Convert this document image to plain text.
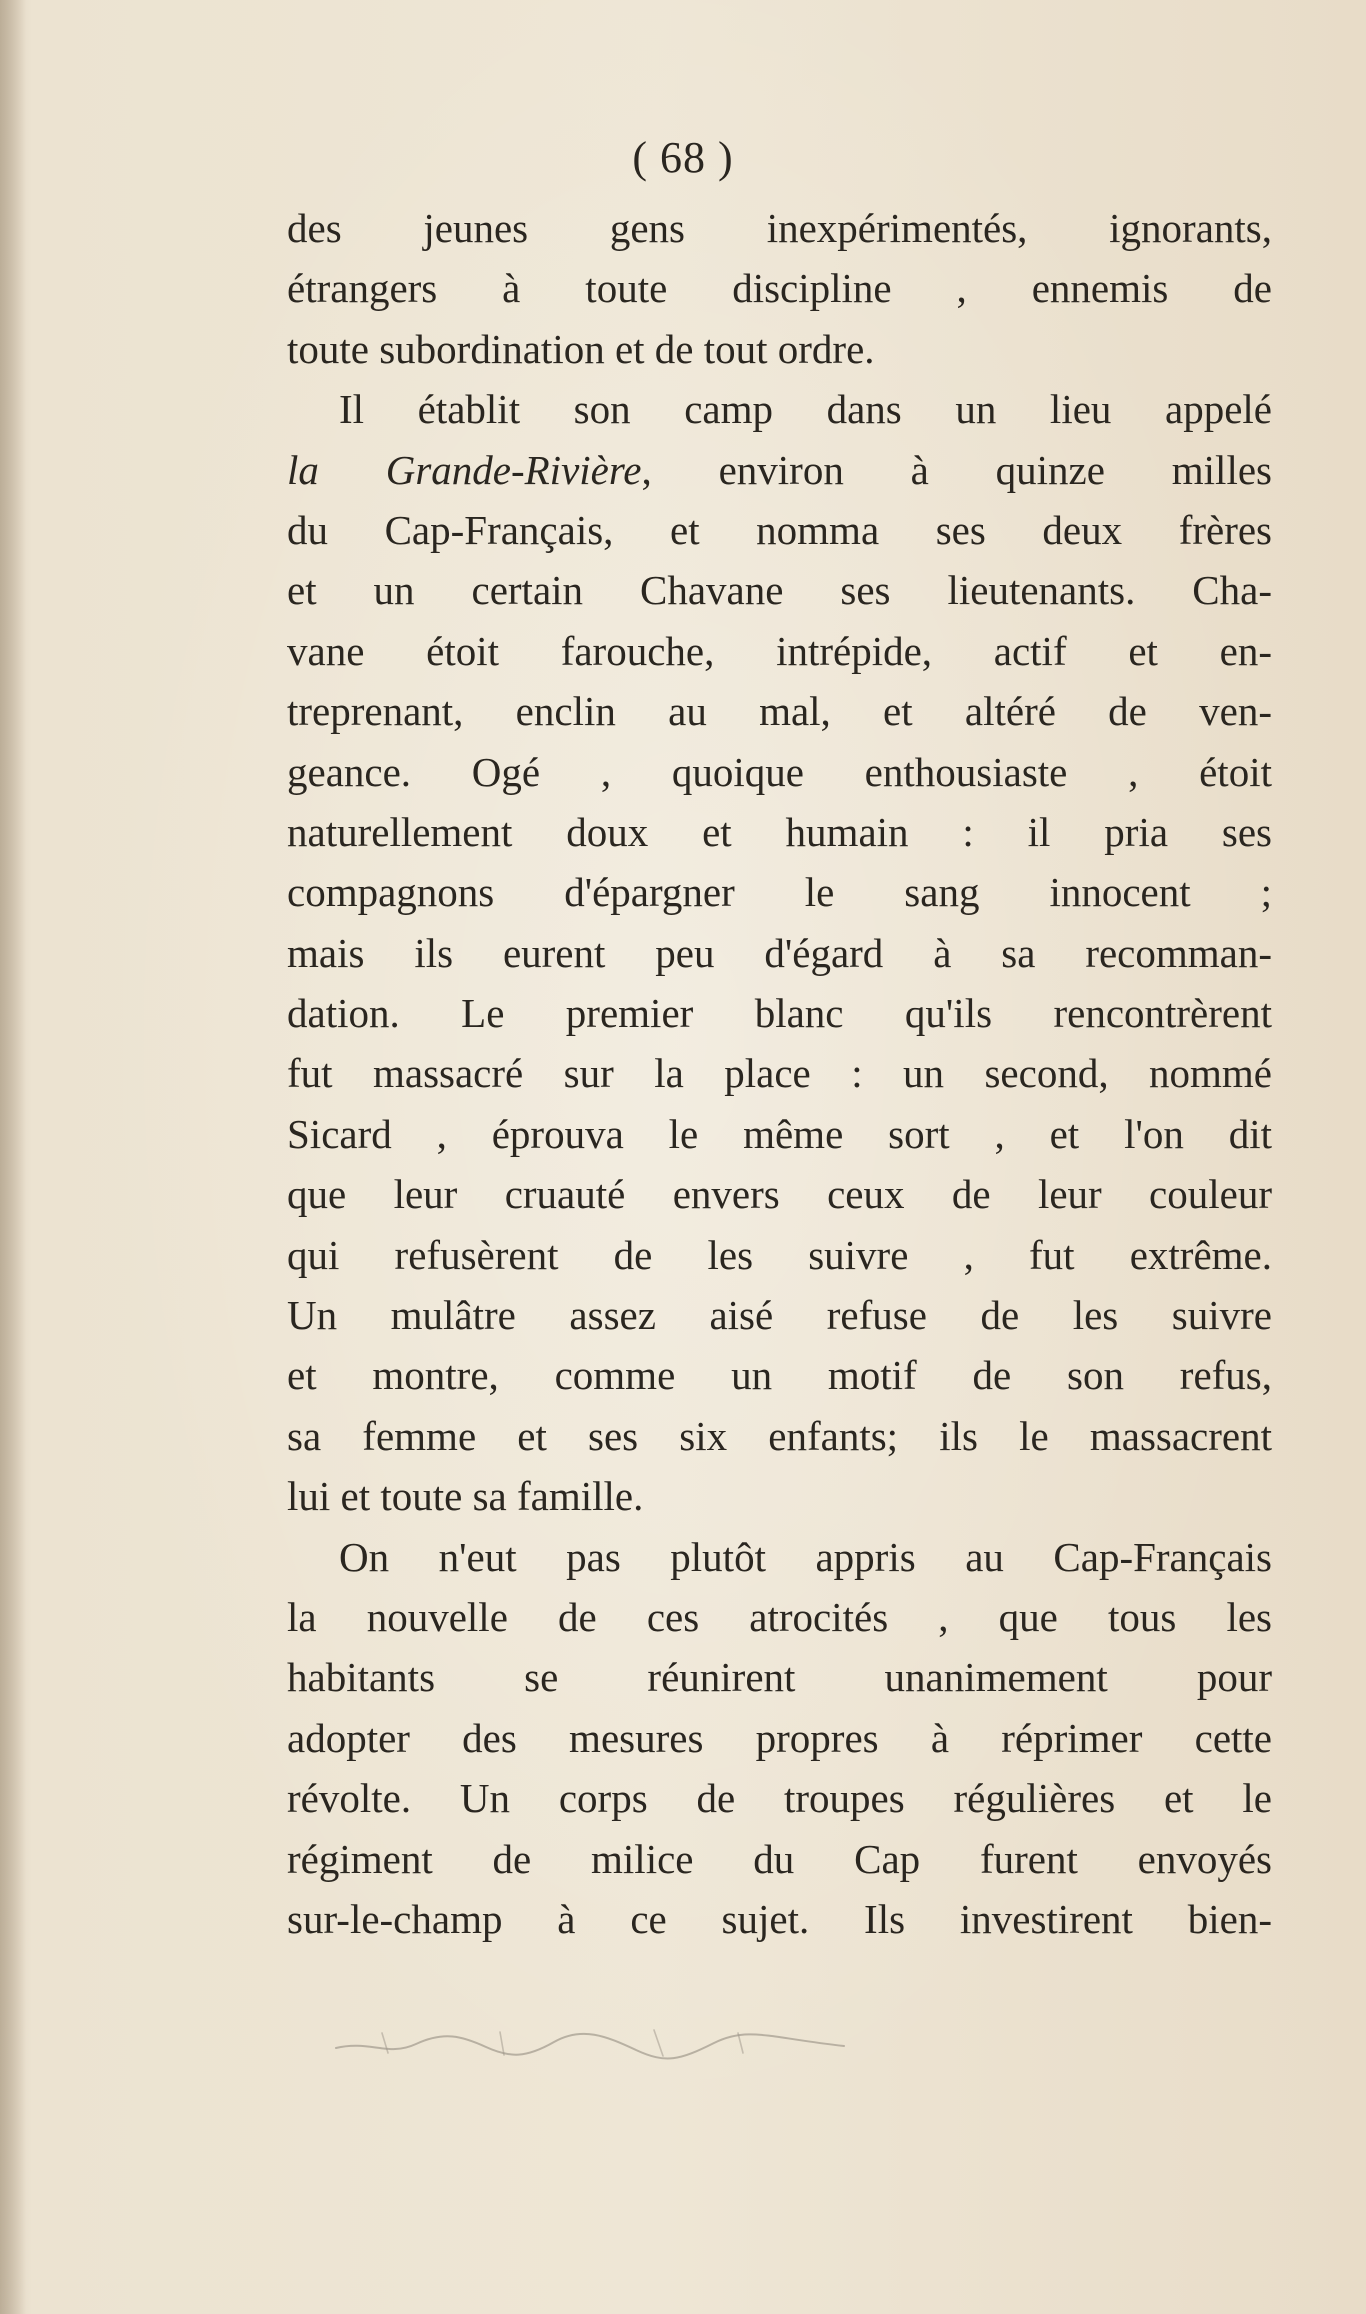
( 68 )
des jeunes gens inexpérimentés, ignorants,
étrangers à toute discipline , ennemis de
toute subordination et de tout ordre.
Il établit son camp dans un lieu appelé
la Grande-Rivière, environ à quinze milles
du Cap-Français, et nomma ses deux frères
et un certain Chavane ses lieutenants. Cha-
vane étoit farouche, intrépide, actif et en-
treprenant, enclin au mal, et altéré de ven-
geance. Ogé , quoique enthousiaste , étoit
naturellement doux et humain : il pria ses
compagnons d'épargner le sang innocent ;
mais ils eurent peu d'égard à sa recomman-
dation. Le premier blanc qu'ils rencontrèrent
fut massacré sur la place : un second, nommé
Sicard , éprouva le même sort , et l'on dit
que leur cruauté envers ceux de leur couleur
qui refusèrent de les suivre , fut extrême.
Un mulâtre assez aisé refuse de les suivre
et montre, comme un motif de son refus,
sa femme et ses six enfants; ils le massacrent
lui et toute sa famille.
On n'eut pas plutôt appris au Cap-Français
la nouvelle de ces atrocités , que tous les
habitants se réunirent unanimement pour
adopter des mesures propres à réprimer cette
révolte. Un corps de troupes régulières et le
régiment de milice du Cap furent envoyés
sur-le-champ à ce sujet. Ils investirent bien-
